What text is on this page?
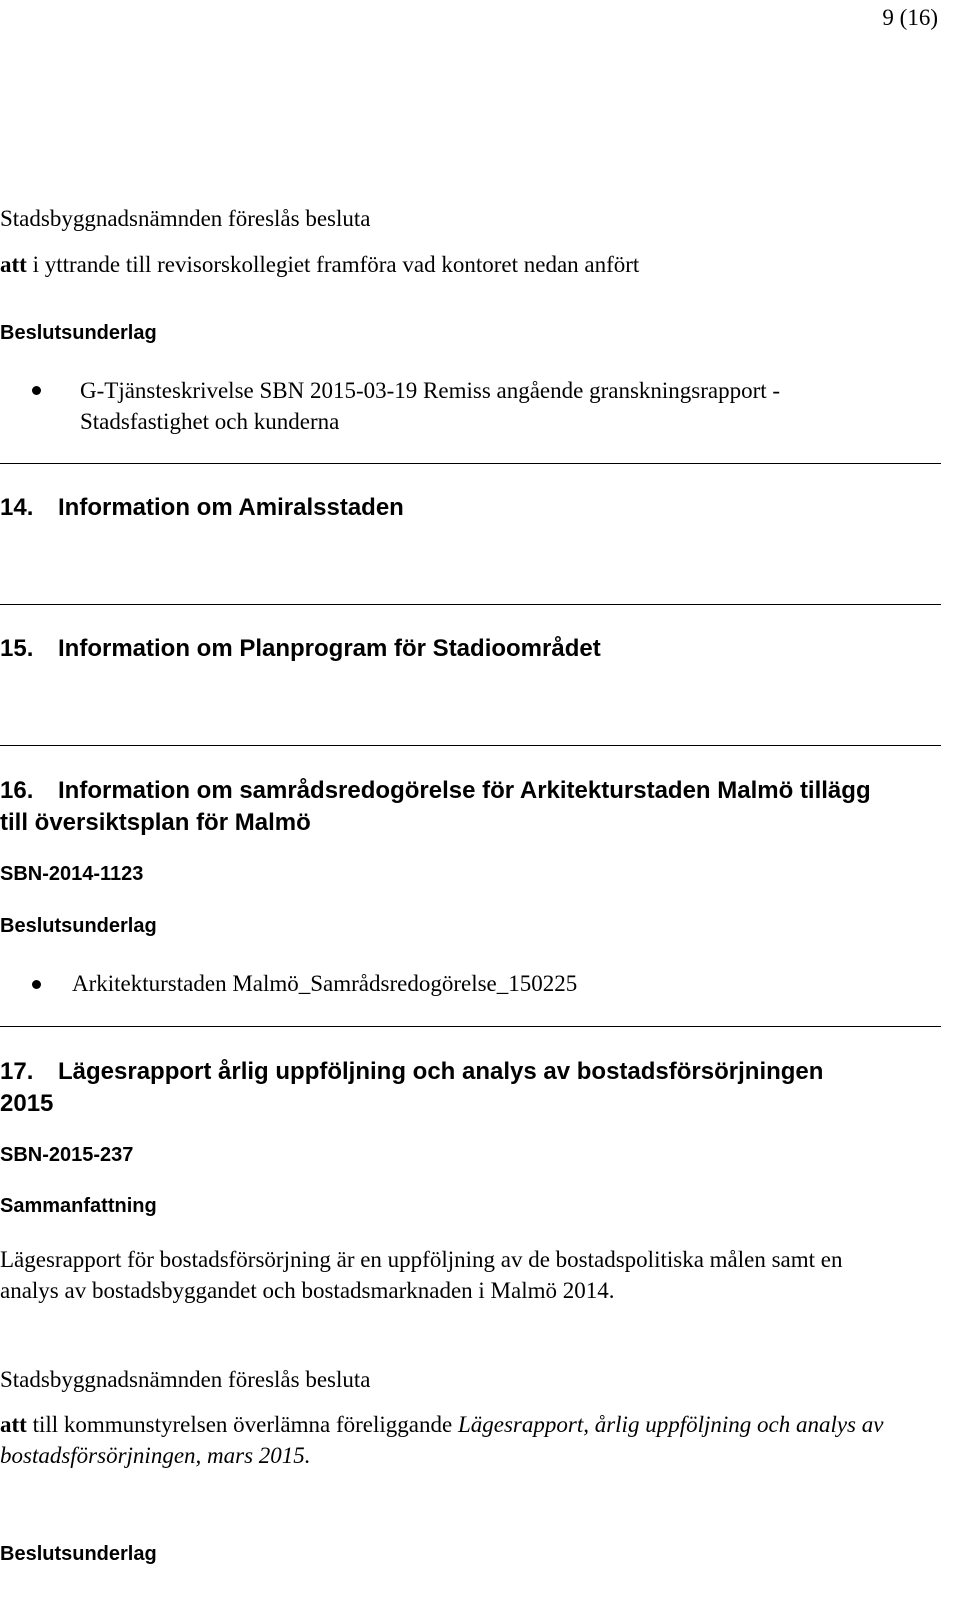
9 (16)
Stadsbyggnadsnämnden föreslås besluta
att i yttrande till revisorskollegiet framföra vad kontoret nedan anfört
Beslutsunderlag

G-Tjänsteskrivelse SBN 2015-03-19 Remiss angående granskningsrapport -

Stadsfastighet och kunderna

14. Information om Amiralsstaden
15. Information om Planprogram för Stadioområdet

16. Information om samrådsredogörelse för Arkitekturstaden Malmö tillägg

till översiktsplan för Malmö

SBN-2014-1123
Beslutsunderlag
Arkitekturstaden Malmö_Samrådsredogörelse_150225

17. Lägesrapport årlig uppföljning och analys av bostadsförsörjningen

2015

SBN-2015-237
Sammanfattning

Lägesrapport för bostadsförsörjning är en uppföljning av de bostadspolitiska målen samt en

analys av bostadsbyggandet och bostadsmarknaden i Malmö 2014.

Stadsbyggnadsnämnden föreslås besluta

att till kommunstyrelsen överlämna föreliggande Lägesrapport, årlig uppföljning och analys av

bostadsförsörjningen, mars 2015.

Beslutsunderlag
